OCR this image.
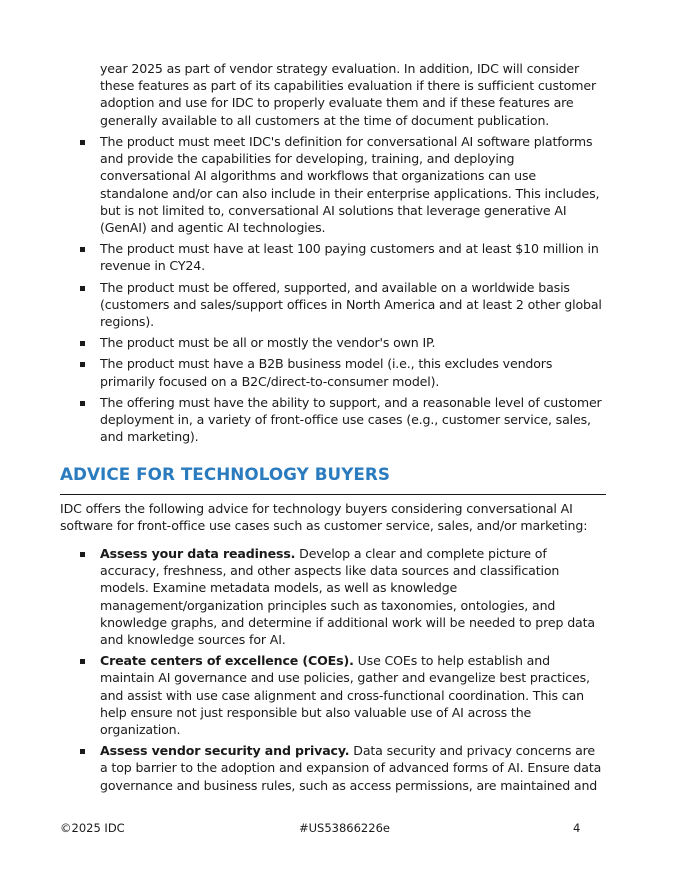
year 2025 as part of vendor strategy evaluation. In addition, IDC will consider these features as part of its capabilities evaluation if there is sufficient customer adoption and use for IDC to properly evaluate them and if these features are generally available to all customers at the time of document publication.

The product must meet IDC's definition for conversational AI software platforms and provide the capabilities for developing, training, and deploying conversational AI algorithms and workflows that organizations can use standalone and/or can also include in their enterprise applications. This includes, but is not limited to, conversational AI solutions that leverage generative AI (GenAI) and agentic AI technologies.
The product must have at least 100 paying customers and at least $10 million in revenue in CY24.
The product must be offered, supported, and available on a worldwide basis (customers and sales/support offices in North America and at least 2 other global regions).
The product must be all or mostly the vendor's own IP.
The product must have a B2B business model (i.e., this excludes vendors primarily focused on a B2C/direct-to-consumer model).
The offering must have the ability to support, and a reasonable level of customer deployment in, a variety of front-office use cases (e.g., customer service, sales, and marketing).
ADVICE FOR TECHNOLOGY BUYERS

IDC offers the following advice for technology buyers considering conversational AI software for front-office use cases such as customer service, sales, and/or marketing:

Assess your data readiness. Develop a clear and complete picture of accuracy, freshness, and other aspects like data sources and classification models. Examine metadata models, as well as knowledge management/organization principles such as taxonomies, ontologies, and knowledge graphs, and determine if additional work will be needed to prep data and knowledge sources for AI.
Create centers of excellence (COEs). Use COEs to help establish and maintain AI governance and use policies, gather and evangelize best practices, and assist with use case alignment and cross-functional coordination. This can help ensure not just responsible but also valuable use of AI across the organization.
Assess vendor security and privacy. Data security and privacy concerns are a top barrier to the adoption and expansion of advanced forms of AI. Ensure data governance and business rules, such as access permissions, are maintained and
©2025 IDC	#US53866226e	4
